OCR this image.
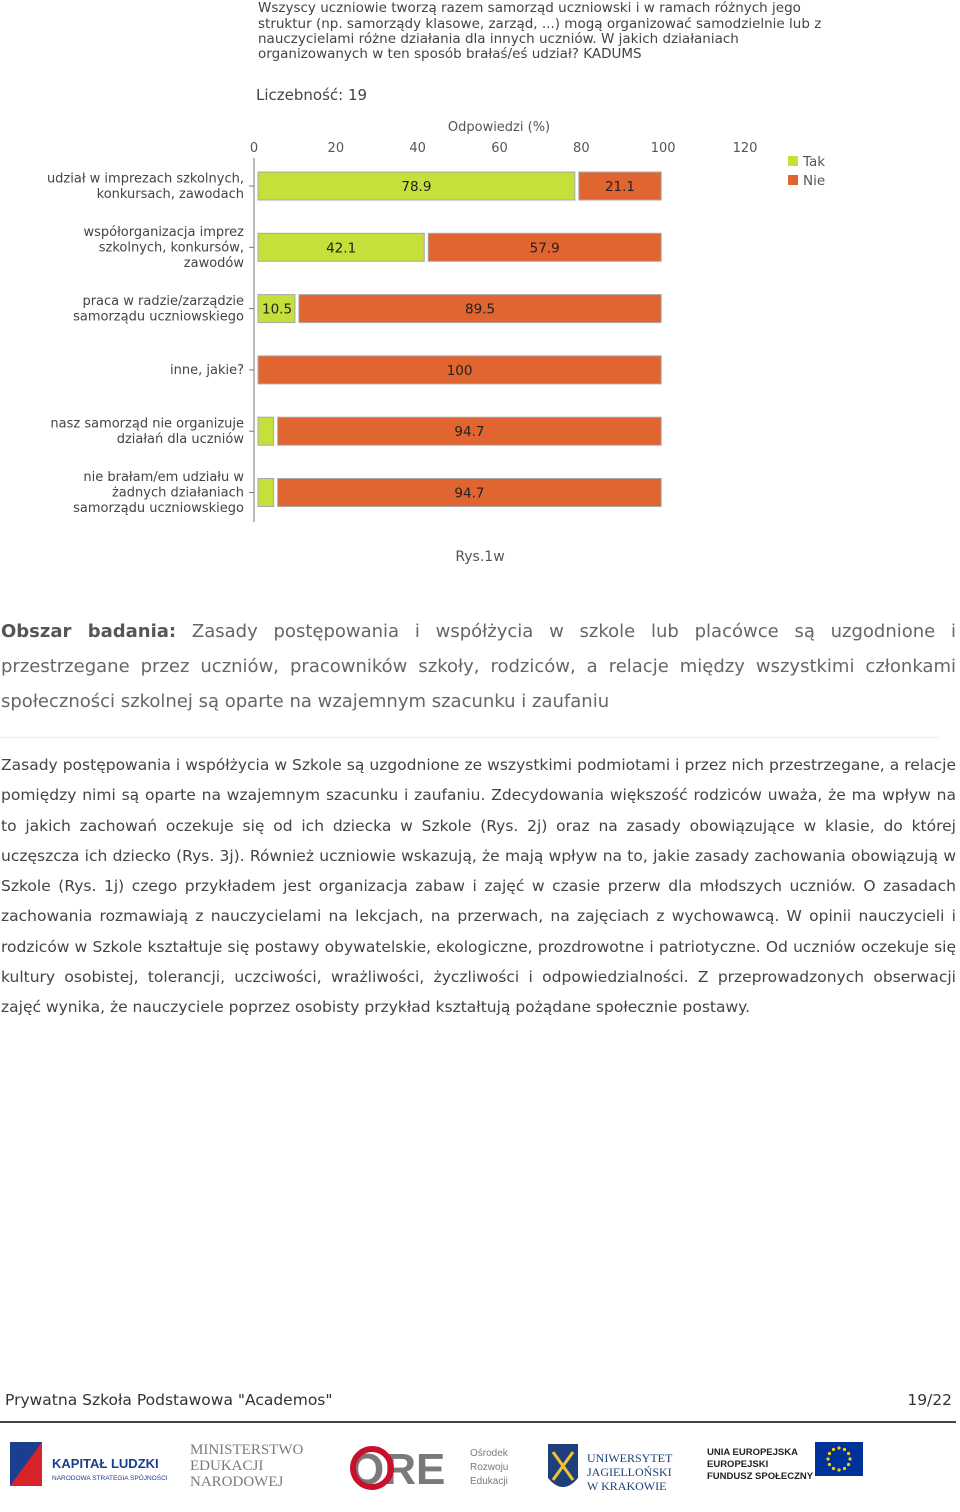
Wszyscy uczniowie tworzą razem samorząd uczniowski i w ramach różnych jego
struktur (np. samorządy klasowe, zarząd, ...) mogą organizować samodzielnie lub z
nauczycielami różne działania dla innych uczniów. W jakich działaniach
organizowanych w ten sposób brałaś/eś udział? KADUMS
Liczebność: 19
Odpowiedzi (%)
0	20	40	60	80	100	120
udział w imprezach szkolnych,
konkursach, zawodach
współorganizacja imprez
szkolnych, konkursów,
zawodów
praca w radzie/zarządzie
samorządu uczniowskiego
inne, jakie?
nasz samorząd nie organizuje
działań dla uczniów
nie brałam/em udziału w
żadnych działaniach
samorządu uczniowskiego
78.9	21.1
42.1	57.9
10.5	89.5
100
94.7
94.7
Tak
Nie
Rys.1w
Obszar badania: Zasady postępowania i współżycia w szkole lub placówce są uzgodnione i przestrzegane przez uczniów, pracowników szkoły, rodziców, a relacje między wszystkimi członkami społeczności szkolnej są oparte na wzajemnym szacunku i zaufaniu
Zasady postępowania i współżycia w Szkole są uzgodnione ze wszystkimi podmiotami i przez nich przestrzegane, a relacje pomiędzy nimi są oparte na wzajemnym szacunku i zaufaniu. Zdecydowania większość rodziców uważa, że ma wpływ na to jakich zachowań oczekuje się od ich dziecka w Szkole (Rys. 2j) oraz na zasady obowiązujące w klasie, do której uczęszcza ich dziecko (Rys. 3j). Również uczniowie wskazują, że mają wpływ na to, jakie zasady zachowania obowiązują w Szkole (Rys. 1j) czego przykładem jest organizacja zabaw i zajęć w czasie przerw dla młodszych uczniów. O zasadach zachowania rozmawiają z nauczycielami na lekcjach, na przerwach, na zajęciach z wychowawcą. W opinii nauczycieli i rodziców w Szkole kształtuje się postawy obywatelskie, ekologiczne, prozdrowotne i patriotyczne. Od uczniów oczekuje się kultury osobistej, tolerancji, uczciwości, wrażliwości, życzliwości i odpowiedzialności. Z przeprowadzonych obserwacji zajęć wynika, że nauczyciele poprzez osobisty przykład kształtują pożądane społecznie postawy.
Prywatna Szkoła Podstawowa "Academos"	19/22
KAPITAŁ LUDZKI
NARODOWA STRATEGIA SPÓJNOŚCI
MINISTERSTWO
EDUKACJI
NARODOWEJ ORE Ośrodek
Rozwoju
Edukacji
UNIWERSYTET
JAGIELLOŃSKI
W KRAKOWIE
UNIA EUROPEJSKA
EUROPEJSKI
FUNDUSZ SPOŁECZNY
